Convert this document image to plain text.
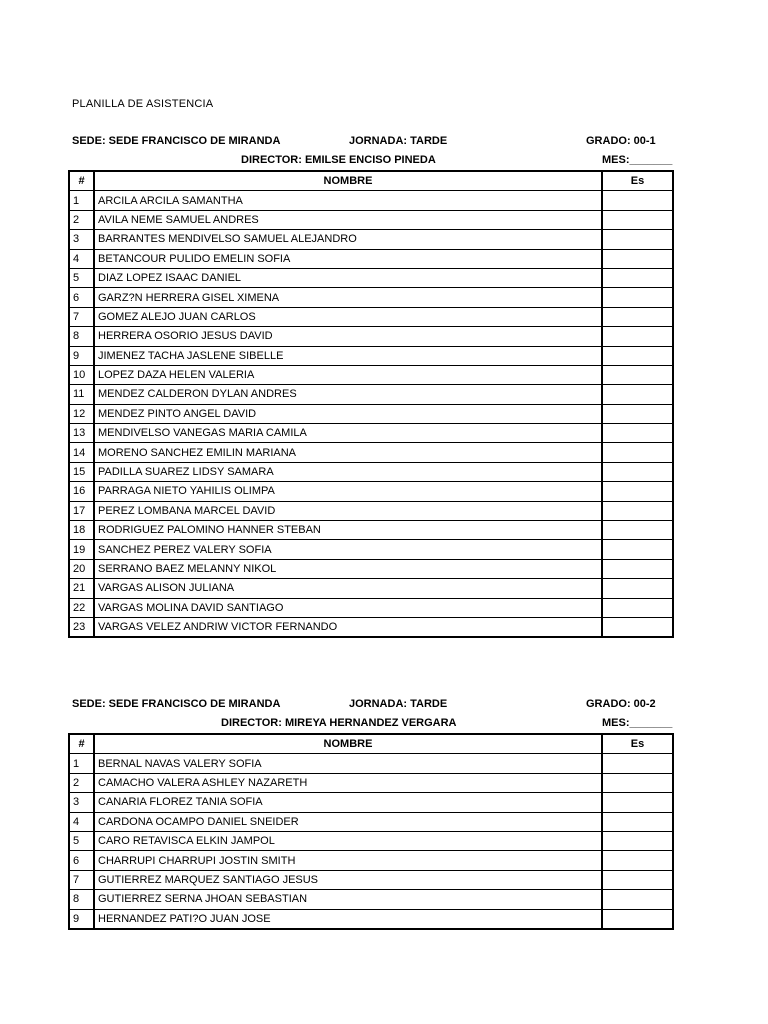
PLANILLA DE ASISTENCIA
SEDE: SEDE FRANCISCO DE MIRANDA	JORNADA: TARDE	GRADO: 00-1
DIRECTOR: EMILSE ENCISO PINEDA	MES:_______
#	NOMBRE	Es
1	ARCILA ARCILA SAMANTHA	
2	AVILA NEME SAMUEL ANDRES	
3	BARRANTES MENDIVELSO SAMUEL ALEJANDRO	
4	BETANCOUR PULIDO EMELIN SOFIA	
5	DIAZ LOPEZ ISAAC DANIEL	
6	GARZ?N HERRERA GISEL XIMENA	
7	GOMEZ ALEJO JUAN CARLOS	
8	HERRERA OSORIO JESUS DAVID	
9	JIMENEZ TACHA JASLENE SIBELLE	
10	LOPEZ DAZA HELEN VALERIA	
11	MENDEZ CALDERON DYLAN ANDRES	
12	MENDEZ PINTO ANGEL DAVID	
13	MENDIVELSO VANEGAS MARIA CAMILA	
14	MORENO SANCHEZ EMILIN MARIANA	
15	PADILLA SUAREZ LIDSY SAMARA	
16	PARRAGA NIETO YAHILIS OLIMPA	
17	PEREZ LOMBANA MARCEL DAVID	
18	RODRIGUEZ PALOMINO HANNER STEBAN	
19	SANCHEZ PEREZ VALERY SOFIA	
20	SERRANO BAEZ MELANNY NIKOL	
21	VARGAS ALISON JULIANA	
22	VARGAS MOLINA DAVID SANTIAGO	
23	VARGAS VELEZ ANDRIW VICTOR FERNANDO	
SEDE: SEDE FRANCISCO DE MIRANDA	JORNADA: TARDE	GRADO: 00-2
DIRECTOR: MIREYA HERNANDEZ VERGARA	MES:_______
#	NOMBRE	Es
1	BERNAL NAVAS VALERY SOFIA	
2	CAMACHO VALERA ASHLEY NAZARETH	
3	CANARIA FLOREZ TANIA SOFIA	
4	CARDONA OCAMPO DANIEL SNEIDER	
5	CARO RETAVISCA ELKIN JAMPOL	
6	CHARRUPI CHARRUPI JOSTIN SMITH	
7	GUTIERREZ MARQUEZ SANTIAGO JESUS	
8	GUTIERREZ SERNA JHOAN SEBASTIAN	
9	HERNANDEZ PATI?O JUAN JOSE	
